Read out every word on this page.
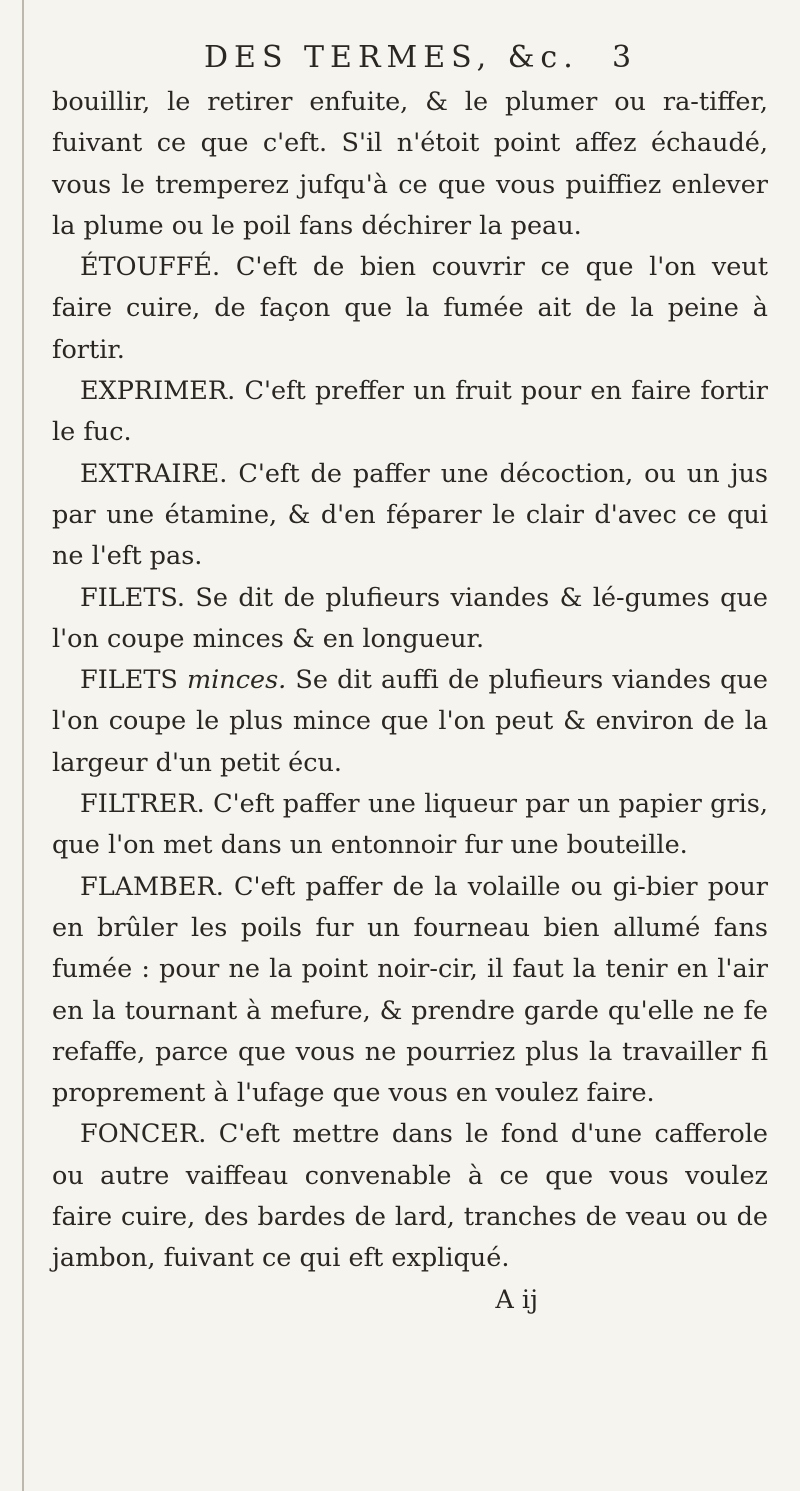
DES TERMES, &c. 3

bouillir, le retirer enfuite, & le plumer ou ra-tiffer, fuivant ce que c'eft. S'il n'étoit point affez échaudé, vous le tremperez jufqu'à ce que vous puiffiez enlever la plume ou le poil fans déchirer la peau.

ÉTOUFFÉ. C'eft de bien couvrir ce que l'on veut faire cuire, de façon que la fumée ait de la peine à fortir.

EXPRIMER. C'eft preffer un fruit pour en faire fortir le fuc.

EXTRAIRE. C'eft de paffer une décoction, ou un jus par une étamine, & d'en féparer le clair d'avec ce qui ne l'eft pas.

FILETS. Se dit de plufieurs viandes & lé-gumes que l'on coupe minces & en longueur.

FILETS minces. Se dit auffi de plufieurs viandes que l'on coupe le plus mince que l'on peut & environ de la largeur d'un petit écu.

FILTRER. C'eft paffer une liqueur par un papier gris, que l'on met dans un entonnoir fur une bouteille.

FLAMBER. C'eft paffer de la volaille ou gi-bier pour en brûler les poils fur un fourneau bien allumé fans fumée : pour ne la point noir-cir, il faut la tenir en l'air en la tournant à mefure, & prendre garde qu'elle ne fe refaffe, parce que vous ne pourriez plus la travailler fi proprement à l'ufage que vous en voulez faire.

FONCER. C'eft mettre dans le fond d'une cafferole ou autre vaiffeau convenable à ce que vous voulez faire cuire, des bardes de lard, tranches de veau ou de jambon, fuivant ce qui eft expliqué.

A ij
